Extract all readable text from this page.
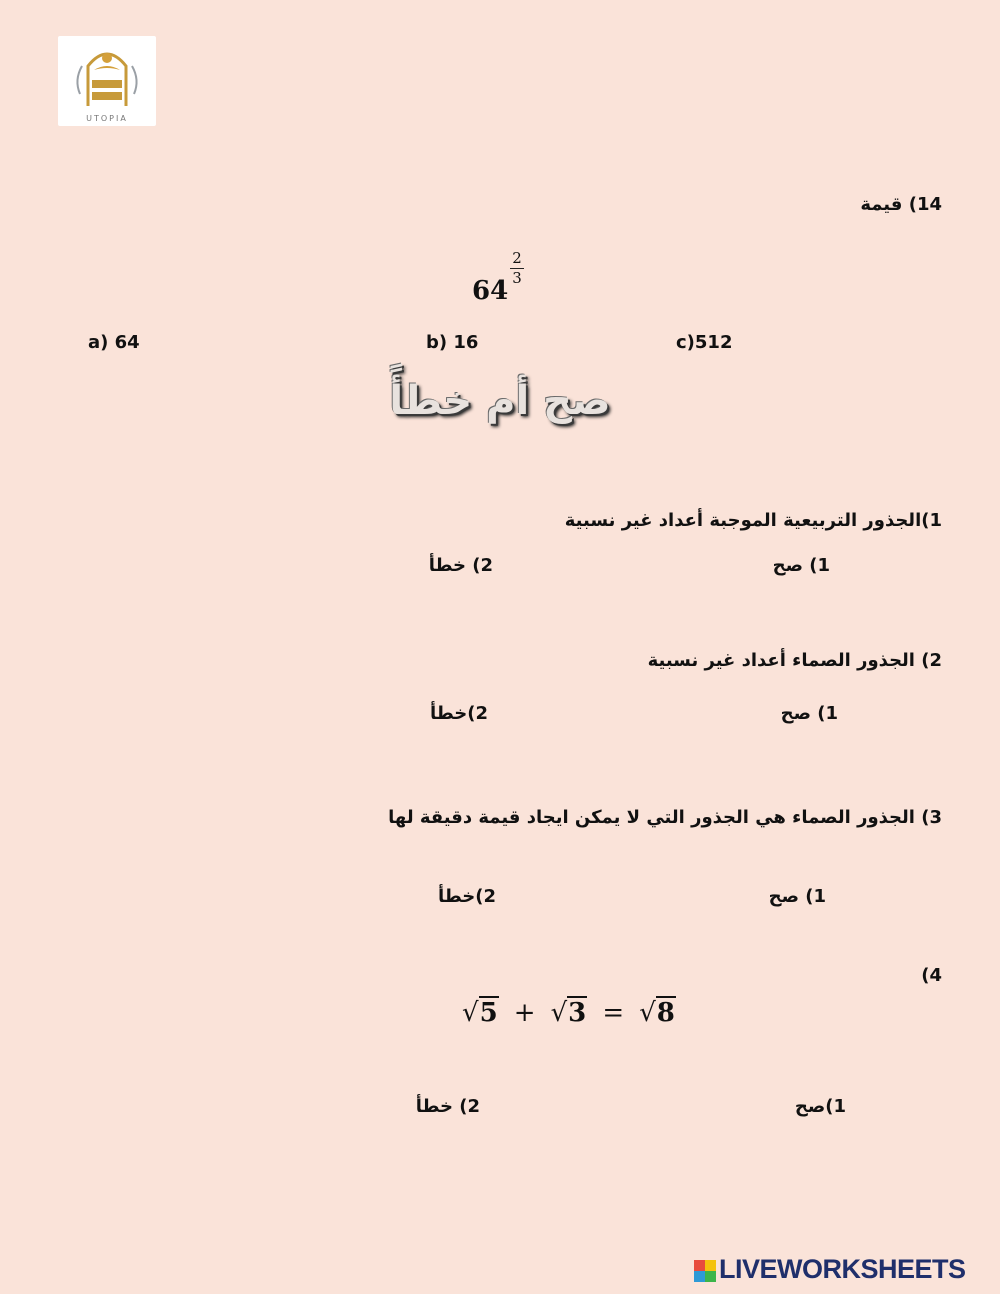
UTOPIA
14) قيمة
64
2
3
a) 64	b) 16	c)512
صح أم خطأً
1)الجذور التربيعية الموجبة أعداد غير نسبية
1) صح
2) خطأ
2) الجذور الصماء أعداد غير نسبية
1) صح
2)خطأ
3) الجذور الصماء هي الجذور التي لا يمكن ايجاد قيمة دقيقة لها
1) صح
2)خطأ
4)
√5 + √3 = √8
1)صح
2) خطأ
LIVEWORKSHEETS
